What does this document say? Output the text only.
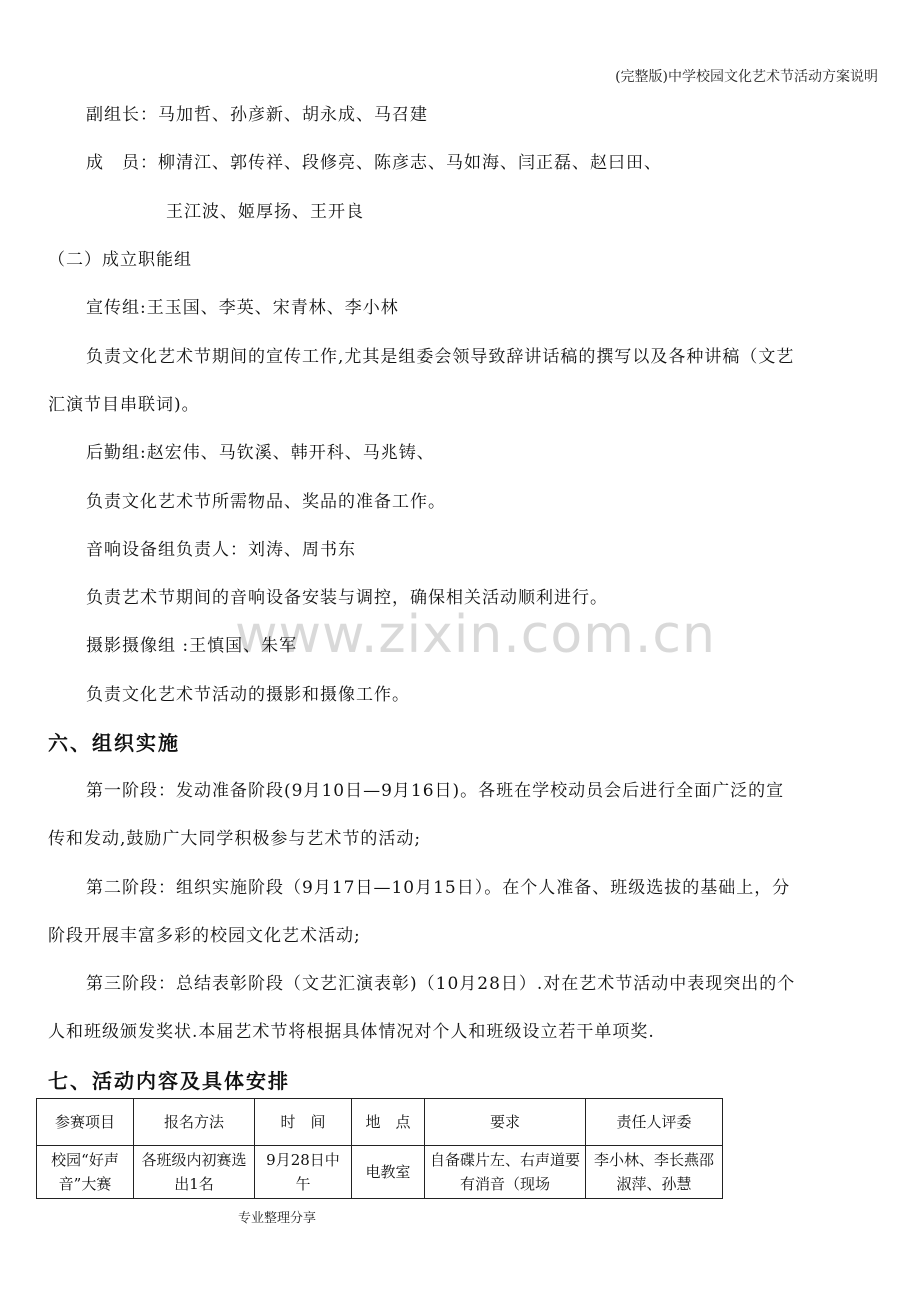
(完整版)中学校园文化艺术节活动方案说明
www.zixin.com.cn
副组长：马加哲、孙彦新、胡永成、马召建
成　员：柳清江、郭传祥、段修亮、陈彦志、马如海、闫正磊、赵曰田、
王江波、姬厚扬、王开良
（二）成立职能组
宣传组:王玉国、李英、宋青林、李小林
负责文化艺术节期间的宣传工作,尤其是组委会领导致辞讲话稿的撰写以及各种讲稿（文艺
汇演节目串联词)。
后勤组:赵宏伟、马钦溪、韩开科、马兆铸、
负责文化艺术节所需物品、奖品的准备工作。
音响设备组负责人：刘涛、周书东
负责艺术节期间的音响设备安装与调控，确保相关活动顺利进行。
摄影摄像组 :王慎国、朱军
负责文化艺术节活动的摄影和摄像工作。
六、组织实施
第一阶段：发动准备阶段(9月10日—9月16日)。各班在学校动员会后进行全面广泛的宣
传和发动,鼓励广大同学积极参与艺术节的活动;
第二阶段：组织实施阶段（9月17日—10月15日）。在个人准备、班级选拔的基础上，分
阶段开展丰富多彩的校园文化艺术活动;
第三阶段：总结表彰阶段（文艺汇演表彰)（10月28日）.对在艺术节活动中表现突出的个
人和班级颁发奖状.本届艺术节将根据具体情况对个人和班级设立若干单项奖.
七、活动内容及具体安排
参赛项目	报名方法	时　间	地　点	要求	责任人评委
校园“好声音”大赛	各班级内初赛选出1名	9月28日中午	电教室	自备碟片左、右声道要有消音（现场	李小林、李长燕邵淑萍、孙慧
专业整理分享
